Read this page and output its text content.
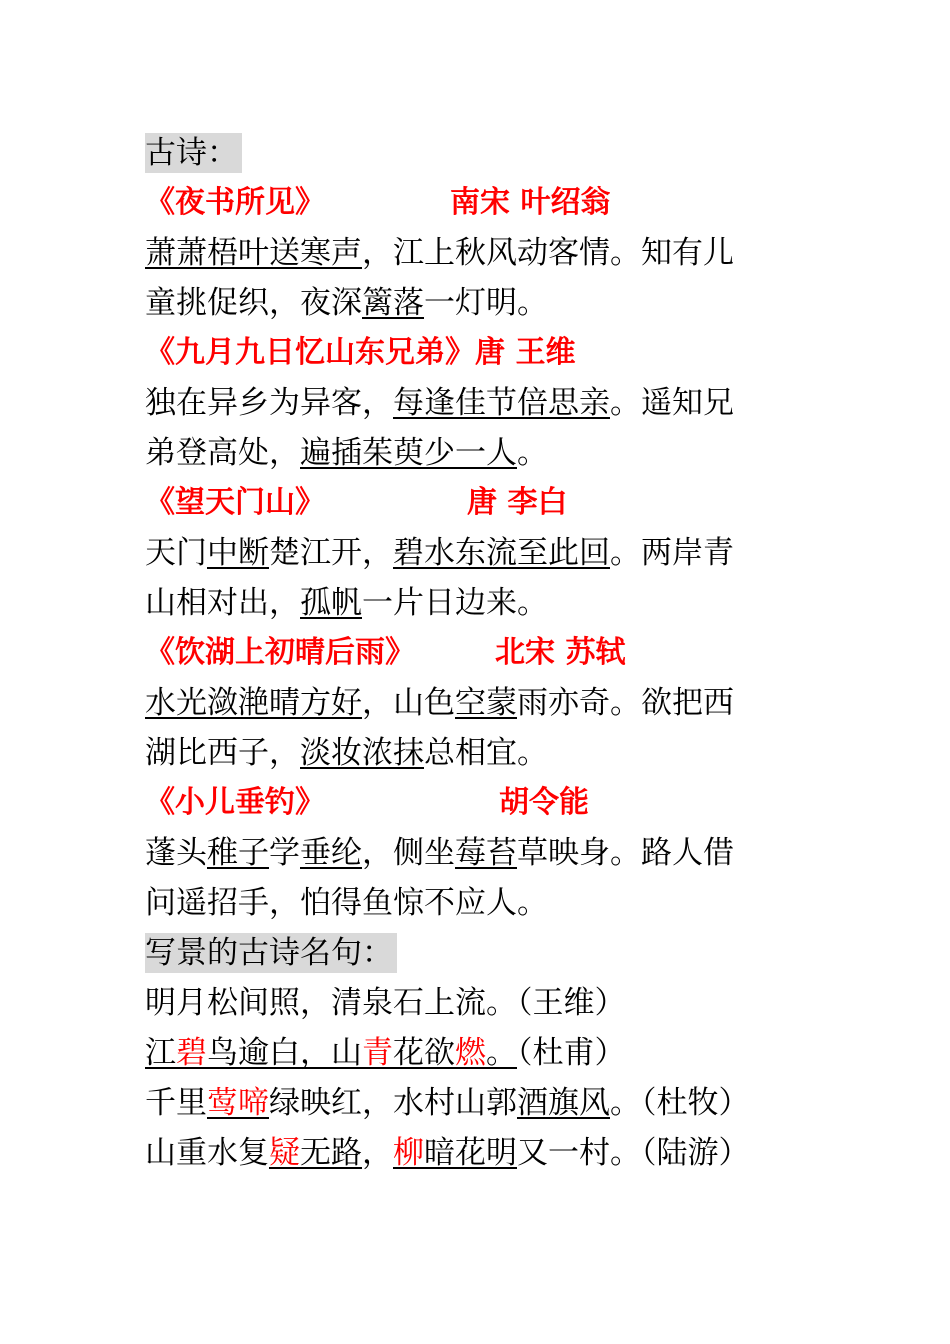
古诗：
《夜书所见》	南宋 叶绍翁
萧萧梧叶送寒声，江上秋风动客情。知有儿
童挑促织，夜深篱落一灯明。
《九月九日忆山东兄弟》唐 王维
独在异乡为异客，每逢佳节倍思亲。遥知兄
弟登高处，遍插茱萸少一人。
《望天门山》	唐 李白
天门中断楚江开，碧水东流至此回。两岸青
山相对出，孤帆一片日边来。
《饮湖上初晴后雨》	北宋 苏轼
水光潋滟晴方好，山色空蒙雨亦奇。欲把西
湖比西子，淡妆浓抹总相宜。
《小儿垂钓》	胡令能
蓬头稚子学垂纶，侧坐莓苔草映身。路人借
问遥招手，怕得鱼惊不应人。
写景的古诗名句：
明月松间照，清泉石上流。（王维）
江碧鸟逾白，山青花欲燃。（杜甫）
千里莺啼绿映红，水村山郭酒旗风。（杜牧）
山重水复疑无路，柳暗花明又一村。（陆游）
